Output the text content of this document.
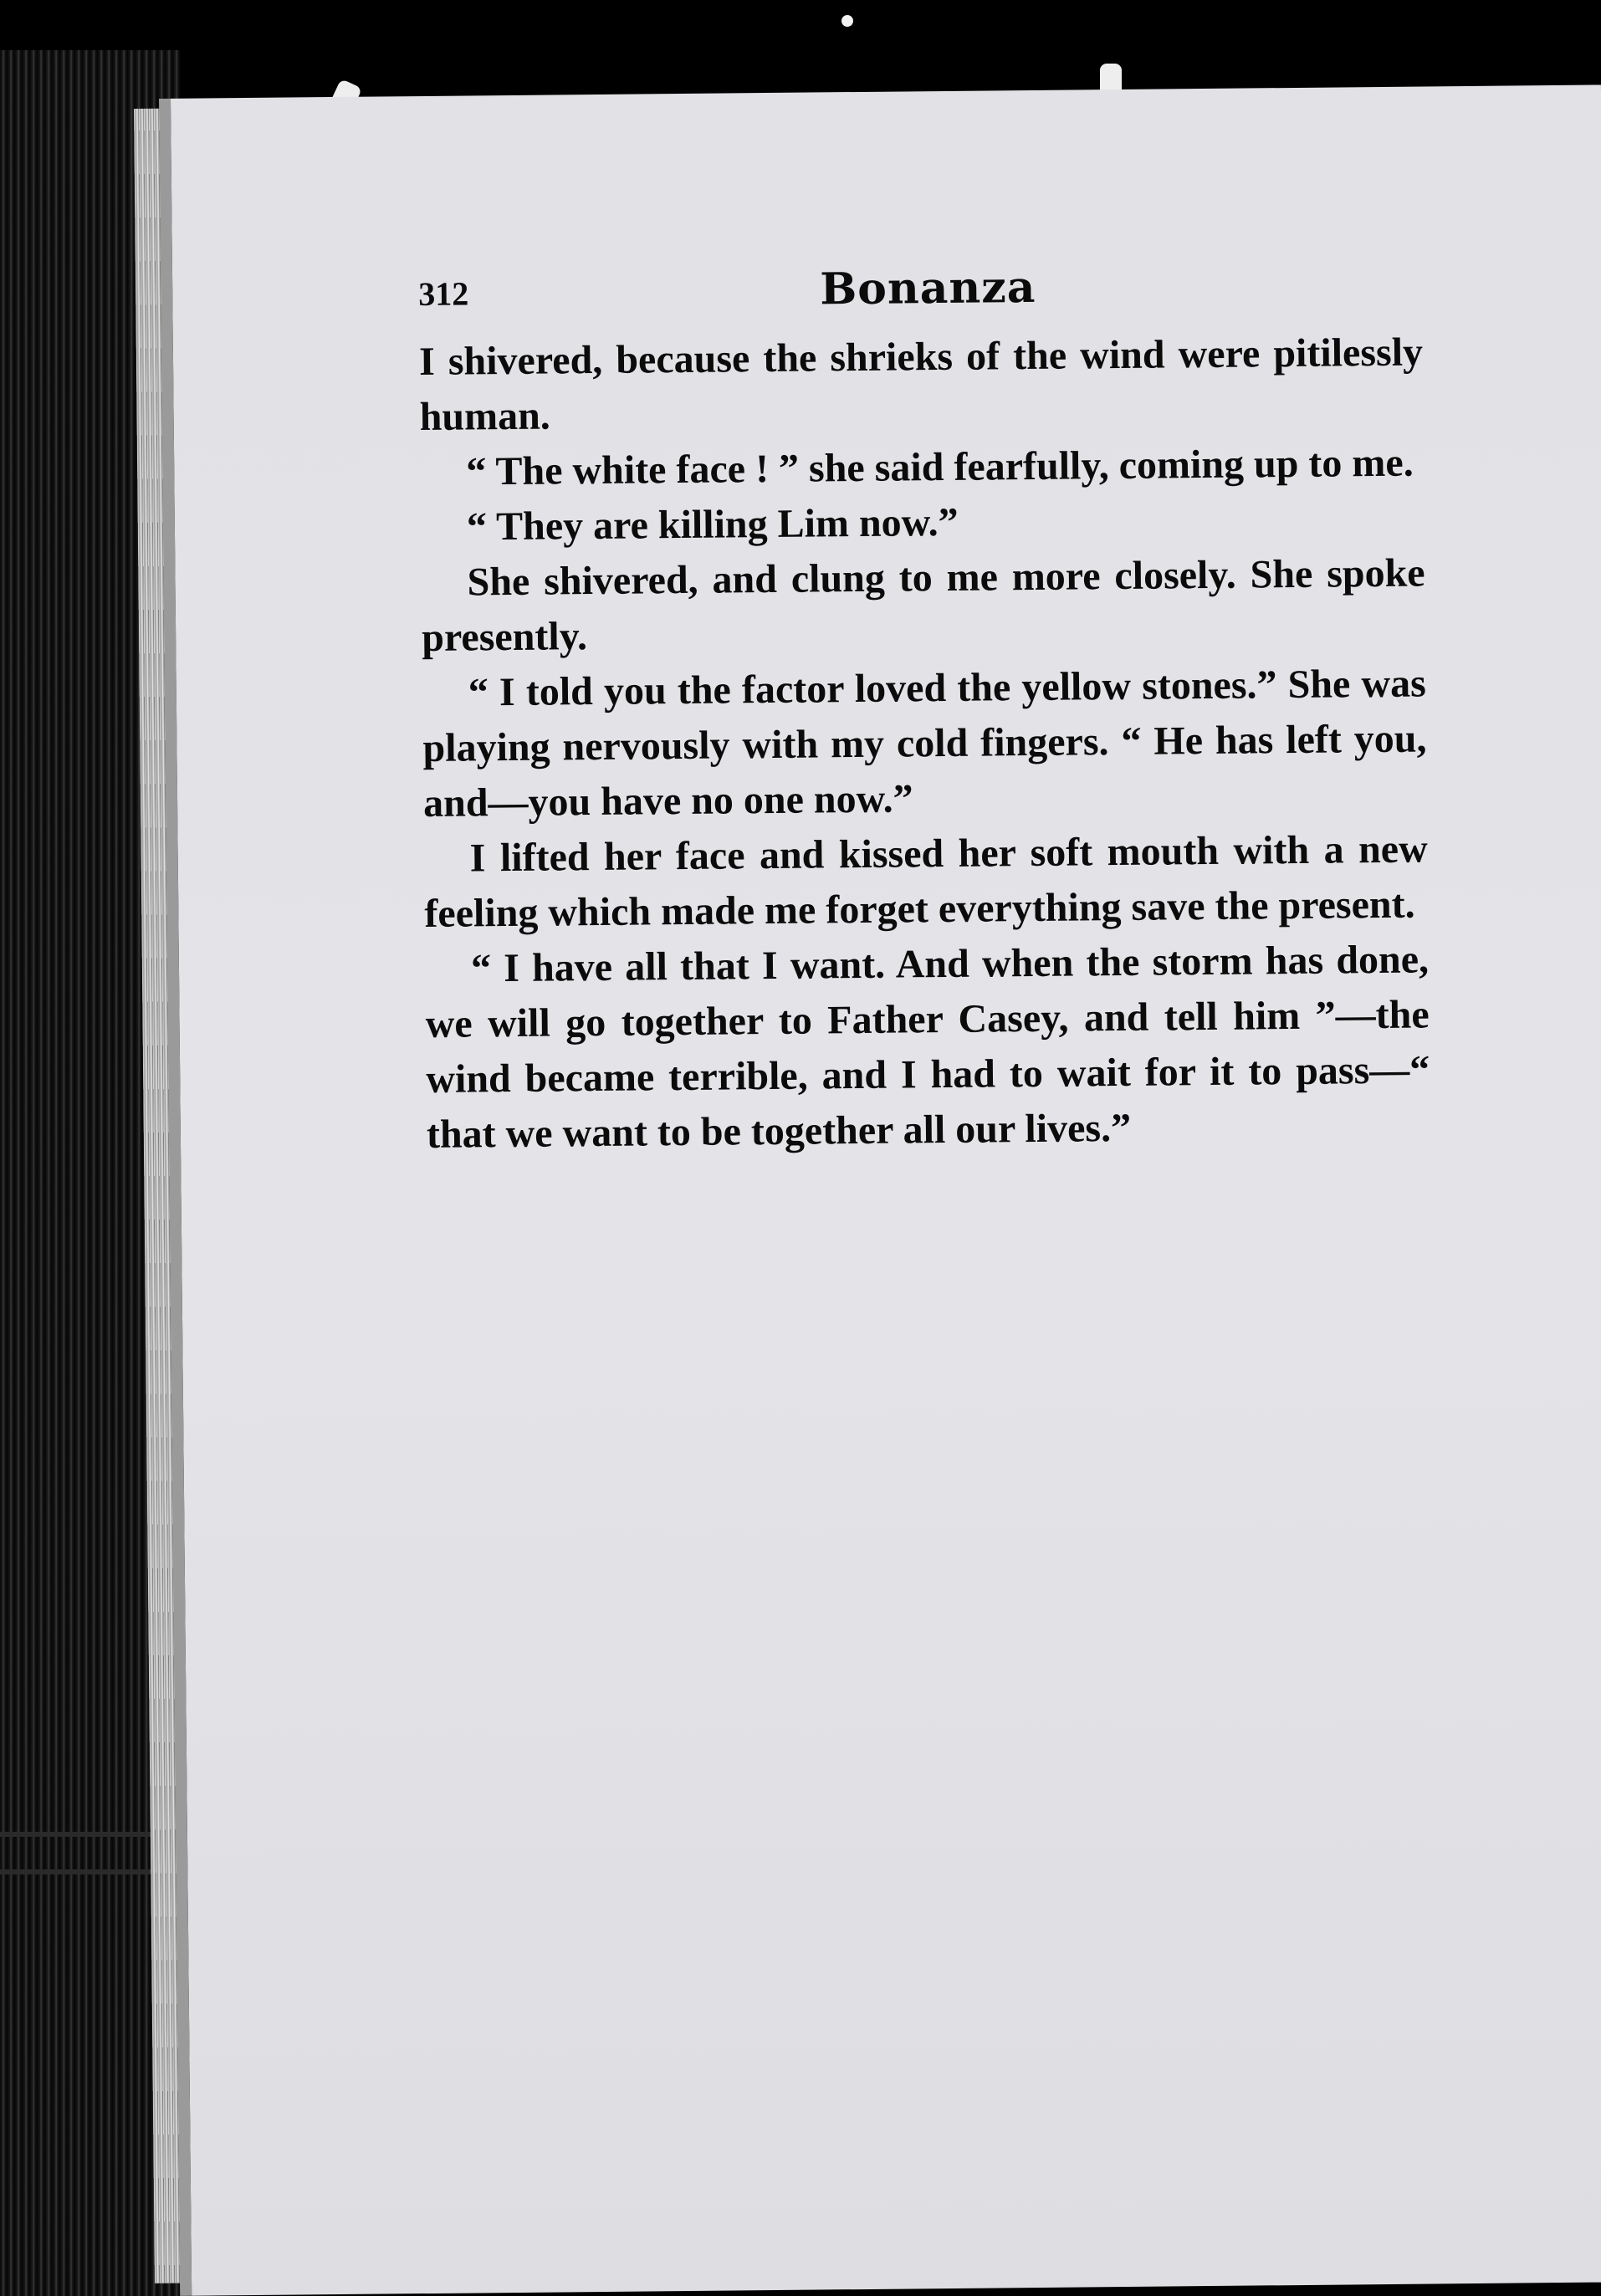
312	Bonanza

I shivered, because the shrieks of the wind were pitilessly human.

“ The white face ! ” she said fearfully, coming up to me.

“ They are killing Lim now.”

She shivered, and clung to me more closely. She spoke presently.

“ I told you the factor loved the yellow stones.” She was playing nervously with my cold fingers. “ He has left you, and—you have no one now.”

I lifted her face and kissed her soft mouth with a new feeling which made me forget everything save the present.

“ I have all that I want. And when the storm has done, we will go together to Father Casey, and tell him ”—the wind became terrible, and I had to wait for it to pass—“ that we want to be together all our lives.”
